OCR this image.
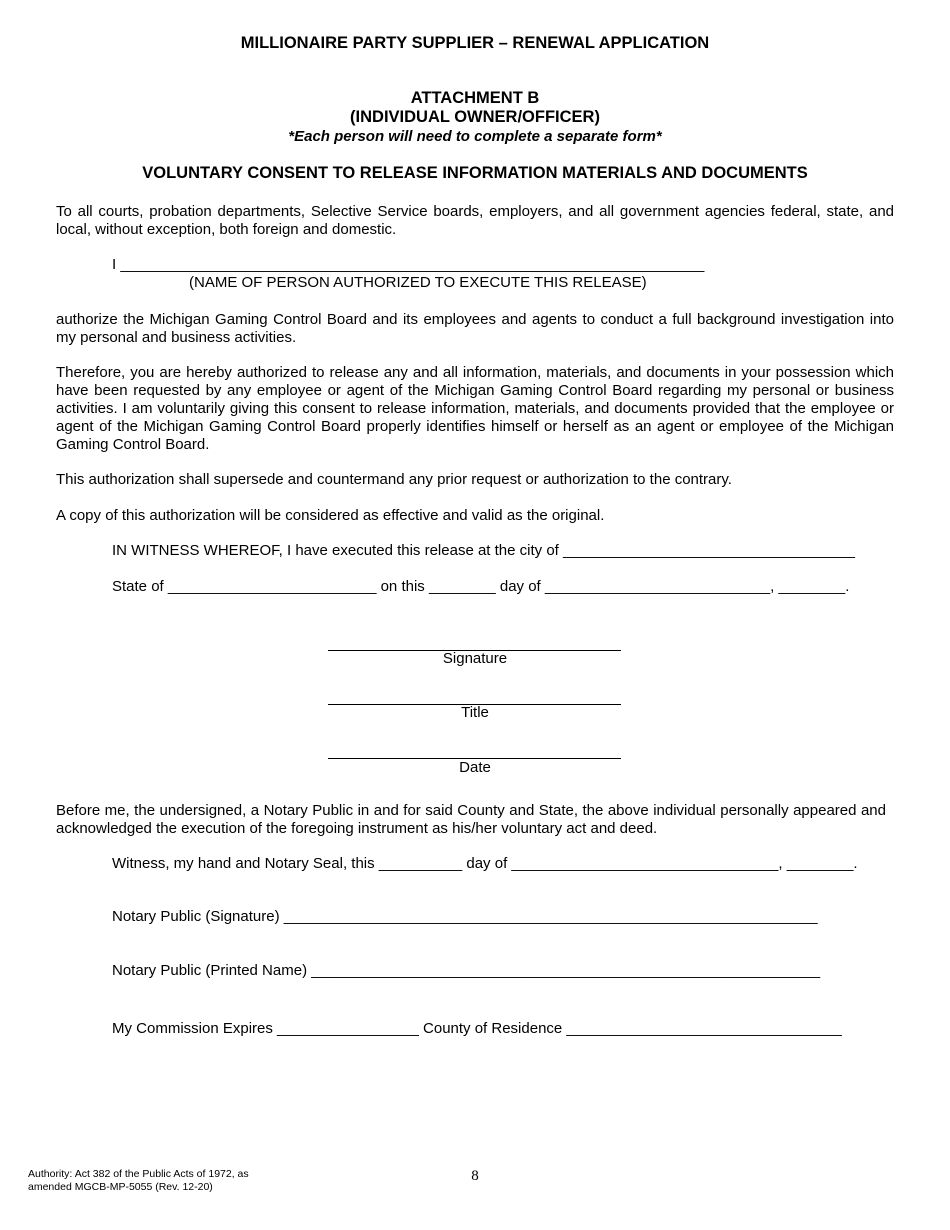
MILLIONAIRE PARTY SUPPLIER – RENEWAL APPLICATION
ATTACHMENT B
(INDIVIDUAL OWNER/OFFICER)
*Each person will need to complete a separate form*
VOLUNTARY CONSENT TO RELEASE INFORMATION MATERIALS AND DOCUMENTS
To all courts, probation departments, Selective Service boards, employers, and all government agencies federal, state, and local, without exception, both foreign and domestic.
I ______________________________________________________________________
(NAME OF PERSON AUTHORIZED TO EXECUTE THIS RELEASE)
authorize the Michigan Gaming Control Board and its employees and agents to conduct a full background investigation into my personal and business activities.
Therefore, you are hereby authorized to release any and all information, materials, and documents in your possession which have been requested by any employee or agent of the Michigan Gaming Control Board regarding my personal or business activities. I am voluntarily giving this consent to release information, materials, and documents provided that the employee or agent of the Michigan Gaming Control Board properly identifies himself or herself as an agent or employee of the Michigan Gaming Control Board.
This authorization shall supersede and countermand any prior request or authorization to the contrary.
A copy of this authorization will be considered as effective and valid as the original.
IN WITNESS WHEREOF, I have executed this release at the city of ___________________________________
State of _________________________ on this ________ day of ___________________________, ________.
Signature
Title
Date
Before me, the undersigned, a Notary Public in and for said County and State, the above individual personally appeared and acknowledged the execution of the foregoing instrument as his/her voluntary act and deed.
Witness, my hand and Notary Seal, this __________ day of ________________________________, ________.
Notary Public (Signature) ________________________________________________________________
Notary Public (Printed Name) _____________________________________________________________
My Commission Expires _________________ County of Residence _________________________________
Authority: Act 382 of the Public Acts of 1972, as
amended MGCB-MP-5055 (Rev. 12-20)
8
